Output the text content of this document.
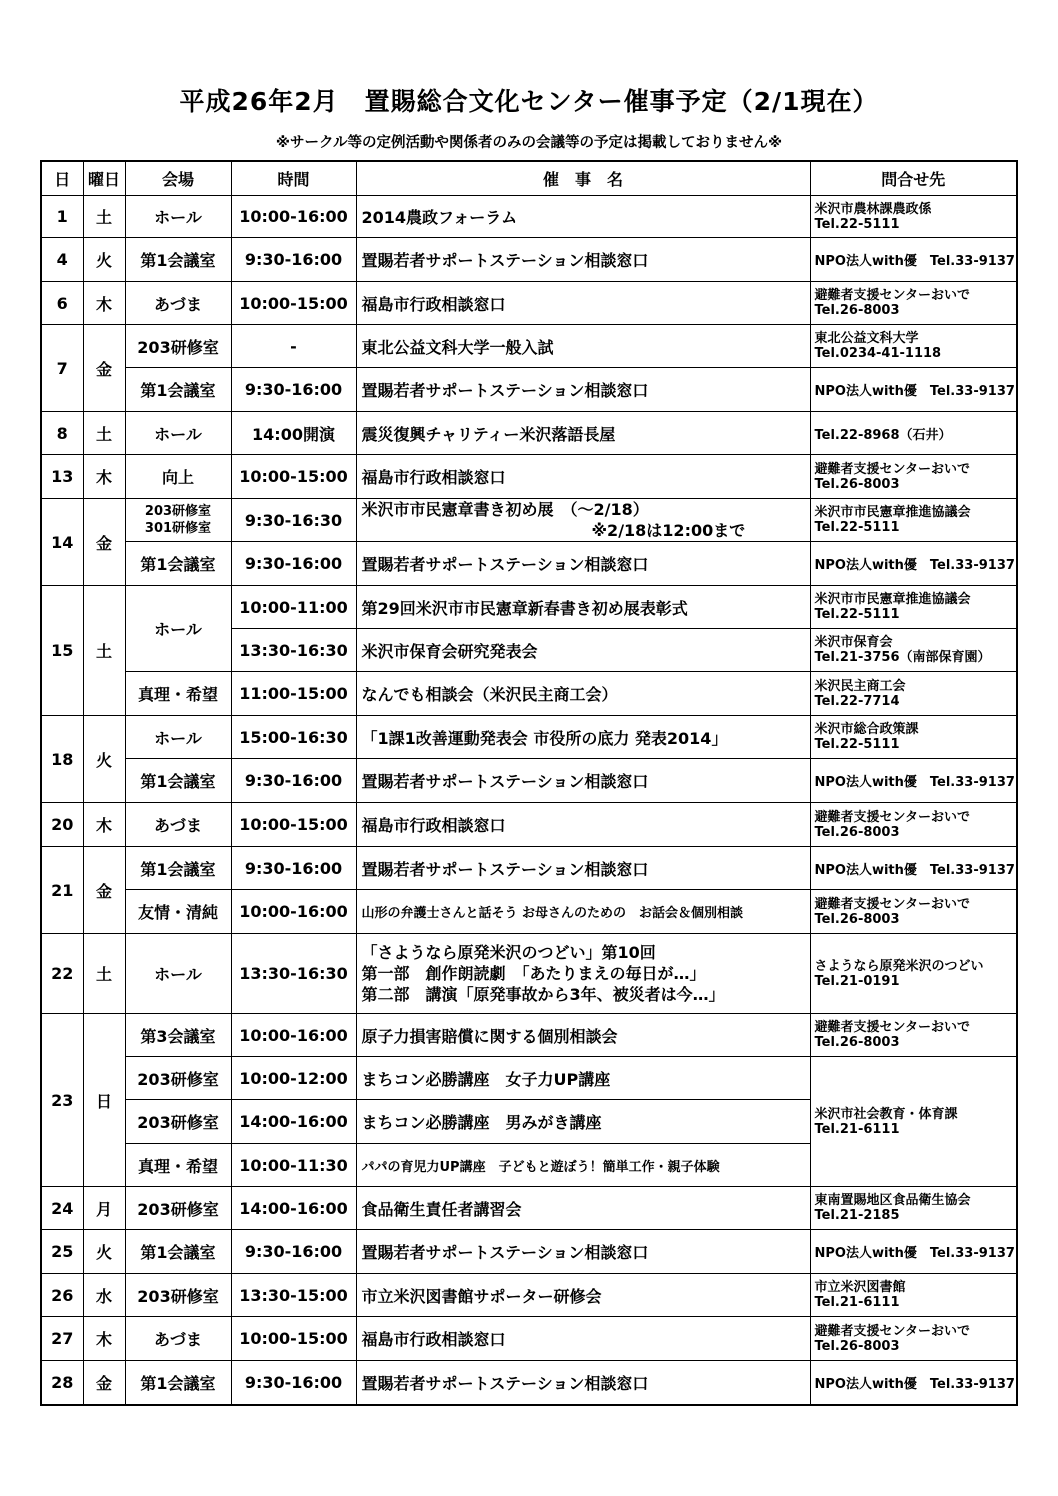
平成26年2月　置賜総合文化センター催事予定（2/1現在）
※サークル等の定例活動や関係者のみの会議等の予定は掲載しておりません※
日	曜日	会場	時間	催　事　名	問合せ先
1	土	ホール	10:00-16:00	2014農政フォーラム	米沢市農林課農政係
Tel.22-5111

4	火	第1会議室	9:30-16:00	置賜若者サポートステーション相談窓口	NPO法人with優　Tel.33-9137
6	木	あづま	10:00-15:00	福島市行政相談窓口	避難者支援センターおいで
Tel.26-8003

7	金	203研修室	-	東北公益文科大学一般入試	東北公益文科大学
Tel.0234-41-1118

		第1会議室	9:30-16:00	置賜若者サポートステーション相談窓口	NPO法人with優　Tel.33-9137
8	土	ホール	14:00開演	震災復興チャリティー米沢落語長屋	Tel.22-8968（石井）
13	木	向上	10:00-15:00	福島市行政相談窓口	避難者支援センターおいで
Tel.26-8003

14	金	203研修室
301研修室	9:30-16:30	米沢市市民憲章書き初め展　（～2/18）
※2/18は12:00まで	米沢市市民憲章推進協議会
Tel.22-5111

		第1会議室	9:30-16:00	置賜若者サポートステーション相談窓口	NPO法人with優　Tel.33-9137
15	土	ホール	10:00-11:00	第29回米沢市市民憲章新春書き初め展表彰式	米沢市市民憲章推進協議会
Tel.22-5111

			13:30-16:30	米沢市保育会研究発表会	米沢市保育会
Tel.21-3756（南部保育園）

		真理・希望	11:00-15:00	なんでも相談会（米沢民主商工会）	米沢民主商工会
Tel.22-7714

18	火	ホール	15:00-16:30	「1課1改善運動発表会 市役所の底力 発表2014」	米沢市総合政策課
Tel.22-5111

		第1会議室	9:30-16:00	置賜若者サポートステーション相談窓口	NPO法人with優　Tel.33-9137
20	木	あづま	10:00-15:00	福島市行政相談窓口	避難者支援センターおいで
Tel.26-8003

21	金	第1会議室	9:30-16:00	置賜若者サポートステーション相談窓口	NPO法人with優　Tel.33-9137
		友情・清純	10:00-16:00	山形の弁護士さんと話そう お母さんのための　お話会＆個別相談	避難者支援センターおいで
Tel.26-8003

22	土	ホール	13:30-16:30	「さようなら原発米沢のつどい」第10回
第一部　創作朗読劇　「あたりまえの毎日が…」
第二部　講演「原発事故から3年、被災者は今…」	さようなら原発米沢のつどい
Tel.21-0191

23	日	第3会議室	10:00-16:00	原子力損害賠償に関する個別相談会	避難者支援センターおいで
Tel.26-8003

		203研修室	10:00-12:00	まちコン必勝講座　女子力UP講座	米沢市社会教育・体育課
Tel.21-6111

		203研修室	14:00-16:00	まちコン必勝講座　男みがき講座	
		真理・希望	10:00-11:30	パパの育児力UP講座　子どもと遊ぼう！簡単工作・親子体験	
24	月	203研修室	14:00-16:00	食品衛生責任者講習会	東南置賜地区食品衛生協会
Tel.21-2185

25	火	第1会議室	9:30-16:00	置賜若者サポートステーション相談窓口	NPO法人with優　Tel.33-9137
26	水	203研修室	13:30-15:00	市立米沢図書館サポーター研修会	市立米沢図書館
Tel.21-6111

27	木	あづま	10:00-15:00	福島市行政相談窓口	避難者支援センターおいで
Tel.26-8003

28	金	第1会議室	9:30-16:00	置賜若者サポートステーション相談窓口	NPO法人with優　Tel.33-9137
